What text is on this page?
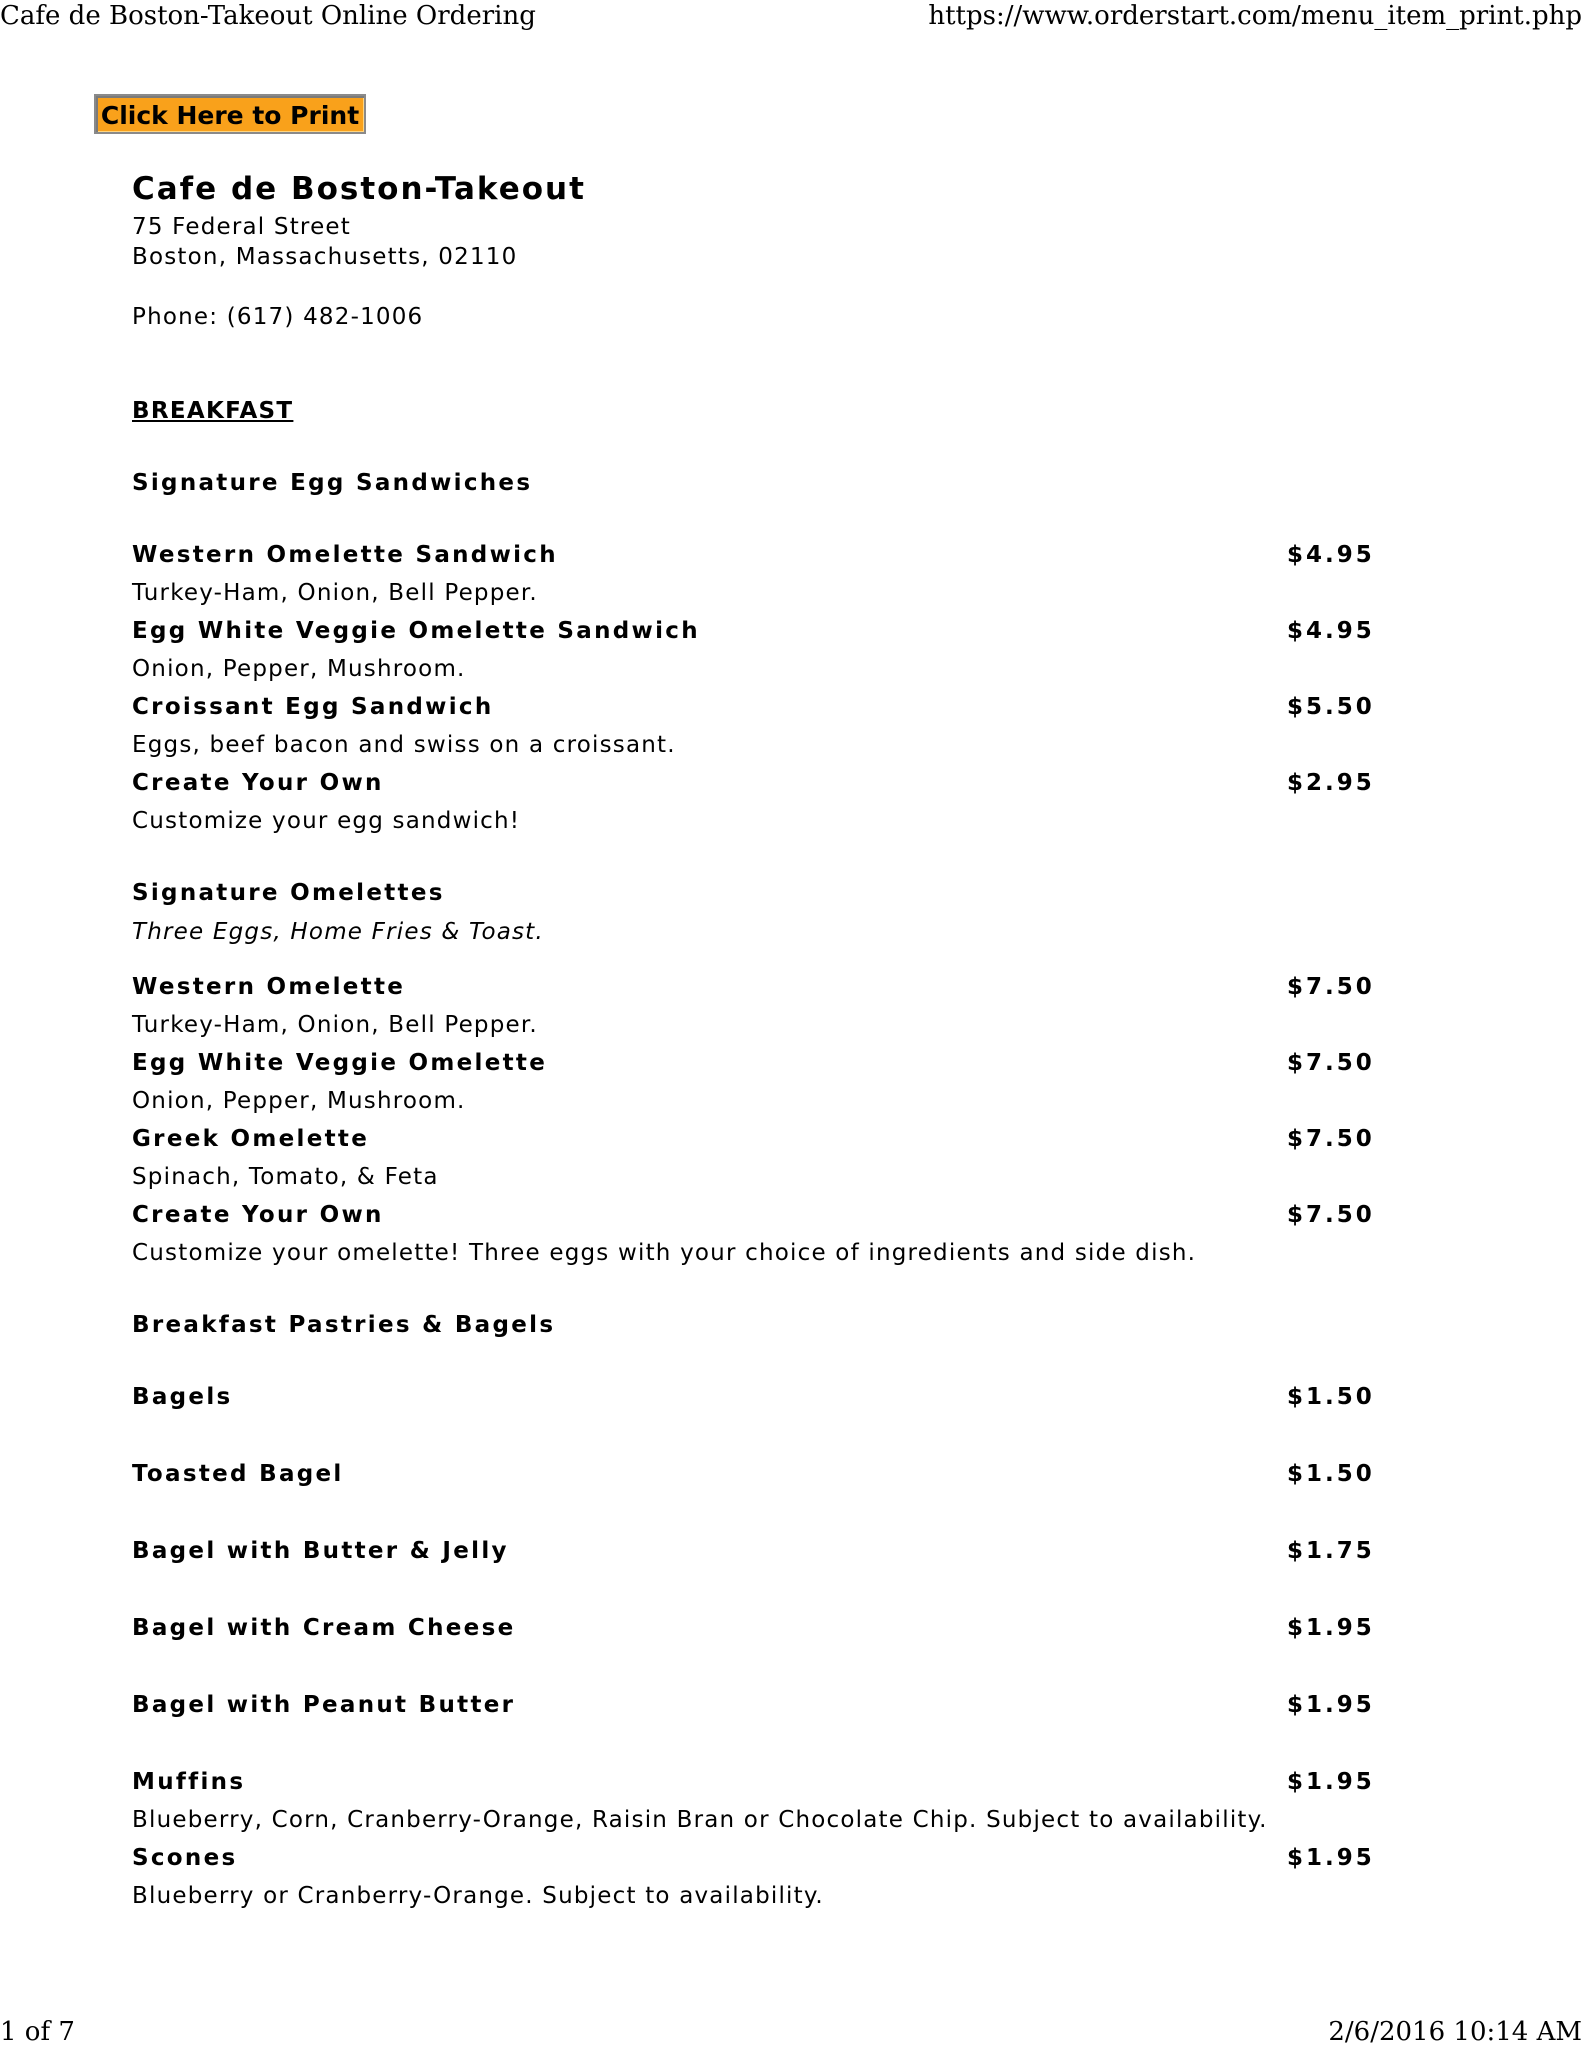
Cafe de Boston-Takeout Online Ordering	https://www.orderstart.com/menu_item_print.php
Click Here to Print
Cafe de Boston-Takeout
75 Federal Street
Boston, Massachusetts, 02110
Phone: (617) 482-1006
BREAKFAST
Signature Egg Sandwiches
Western Omelette Sandwich	$4.95
Turkey-Ham, Onion, Bell Pepper.
Egg White Veggie Omelette Sandwich	$4.95
Onion, Pepper, Mushroom.
Croissant Egg Sandwich	$5.50
Eggs, beef bacon and swiss on a croissant.
Create Your Own	$2.95
Customize your egg sandwich!
Signature Omelettes
Three Eggs, Home Fries & Toast.
Western Omelette	$7.50
Turkey-Ham, Onion, Bell Pepper.
Egg White Veggie Omelette	$7.50
Onion, Pepper, Mushroom.
Greek Omelette	$7.50
Spinach, Tomato, & Feta
Create Your Own	$7.50
Customize your omelette! Three eggs with your choice of ingredients and side dish.
Breakfast Pastries & Bagels
Bagels	$1.50
Toasted Bagel	$1.50
Bagel with Butter & Jelly	$1.75
Bagel with Cream Cheese	$1.95
Bagel with Peanut Butter	$1.95
Muffins	$1.95
Blueberry, Corn, Cranberry-Orange, Raisin Bran or Chocolate Chip. Subject to availability.
Scones	$1.95
Blueberry or Cranberry-Orange. Subject to availability.
1 of 7	2/6/2016 10:14 AM
